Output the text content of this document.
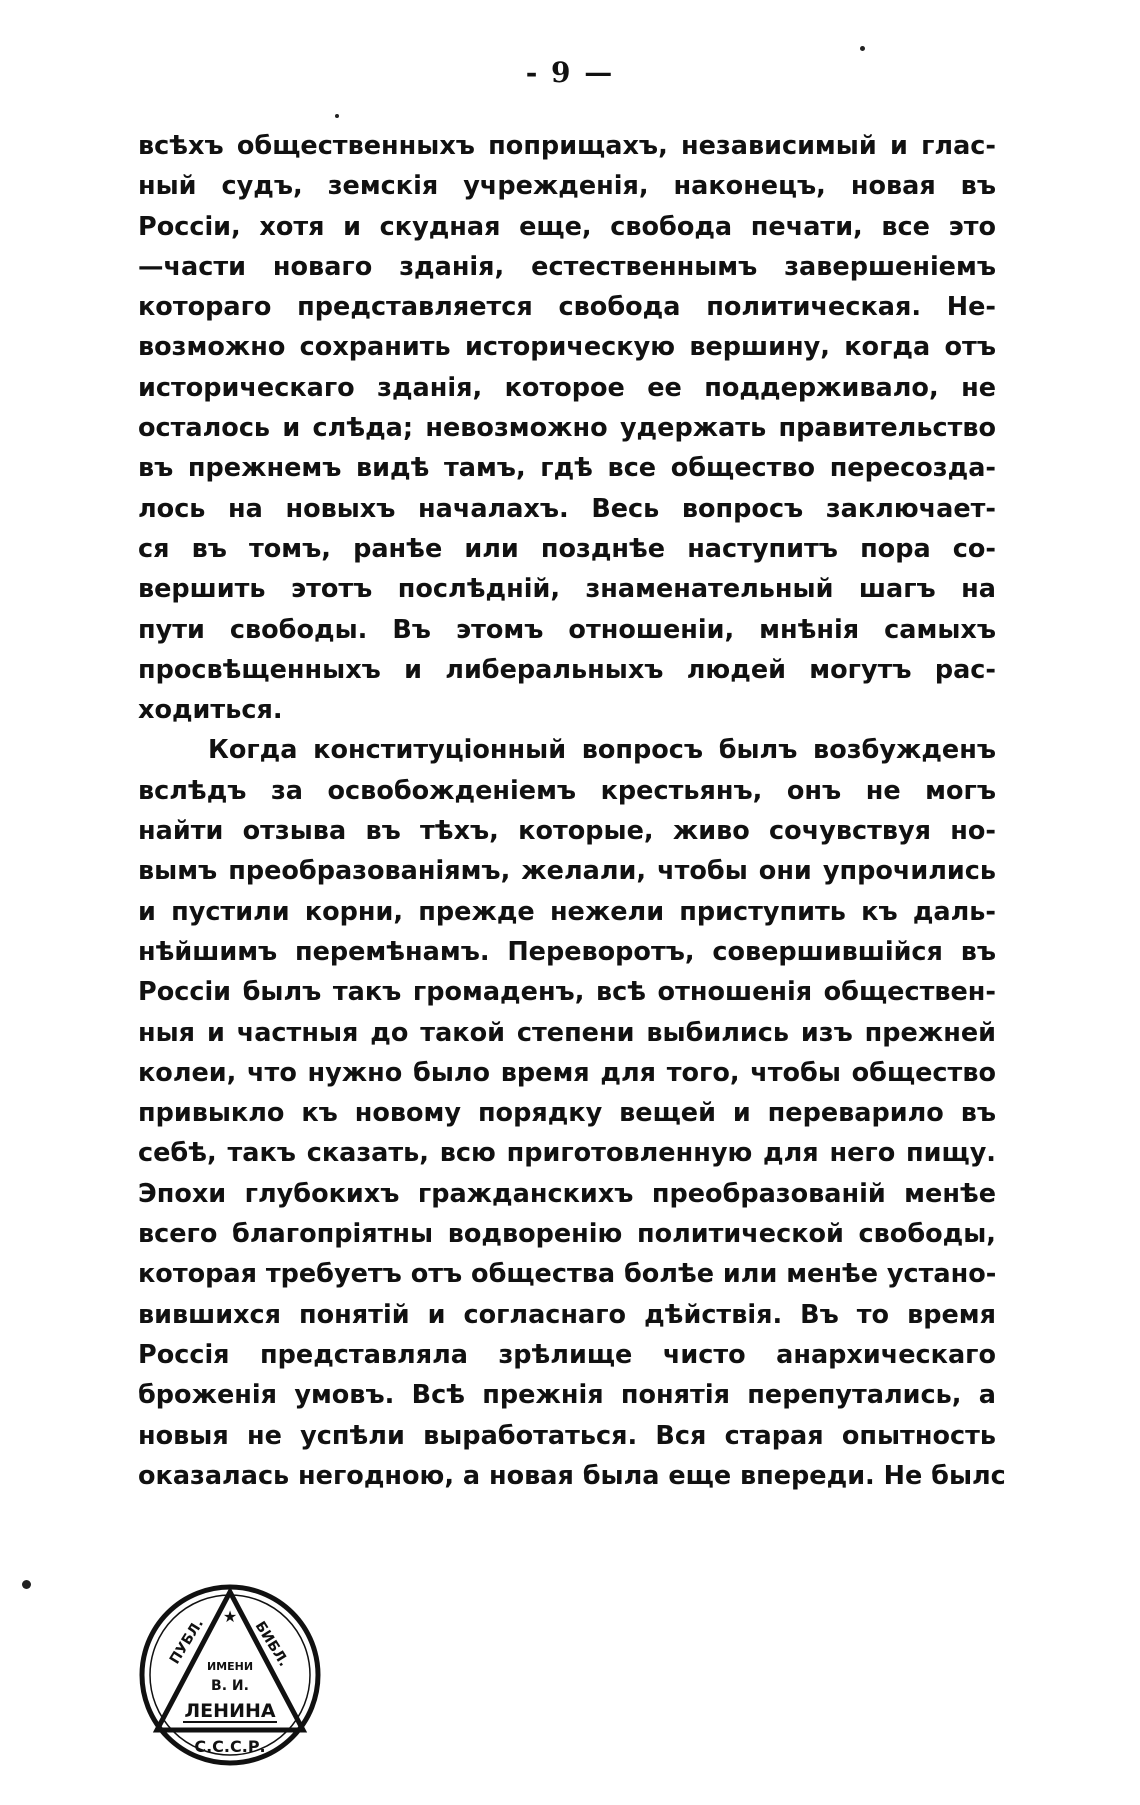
- 9 —
всѣхъ общественныхъ поприщахъ, независимый и глас-
ный судъ, земскія учрежденія, наконецъ, новая въ
Россіи, хотя и скудная еще, свобода печати, все это
—части новаго зданія, естественнымъ завершеніемъ
котораго представляется свобода политическая. Не-
возможно сохранить историческую вершину, когда отъ
историческаго зданія, которое ее поддерживало, не
осталось и слѣда; невозможно удержать правительство
въ прежнемъ видѣ тамъ, гдѣ все общество пересозда-
лось на новыхъ началахъ. Весь вопросъ заключает-
ся въ томъ, ранѣе или позднѣе наступитъ пора со-
вершить этотъ послѣдній, знаменательный шагъ на
пути свободы. Въ этомъ отношеніи, мнѣнія самыхъ
просвѣщенныхъ и либеральныхъ людей могутъ рас-
ходиться.
Когда конституціонный вопросъ былъ возбужденъ
вслѣдъ за освобожденіемъ крестьянъ, онъ не могъ
найти отзыва въ тѣхъ, которые, живо сочувствуя но-
вымъ преобразованіямъ, желали, чтобы они упрочились
и пустили корни, прежде нежели приступить къ даль-
нѣйшимъ перемѣнамъ. Переворотъ, совершившійся въ
Россіи былъ такъ громаденъ, всѣ отношенія обществен-
ныя и частныя до такой степени выбились изъ прежней
колеи, что нужно было время для того, чтобы общество
привыкло къ новому порядку вещей и переварило въ
себѣ, такъ сказать, всю приготовленную для него пищу.
Эпохи глубокихъ гражданскихъ преобразованій менѣе
всего благопріятны водворенію политической свободы,
которая требуетъ отъ общества болѣе или менѣе устано-
вившихся понятій и согласнаго дѣйствія. Въ то время
Россія представляла зрѣлище чисто анархическаго
броженія умовъ. Всѣ прежнія понятія перепутались, а
новыя не успѣли выработаться. Вся старая опытность
оказалась негодною, а новая была еще впереди. Не былс
ПУБЛ.	БИБЛ.
★
ИМЕНИ
В. И.
ЛЕНИНА
С.С.С.Р.
